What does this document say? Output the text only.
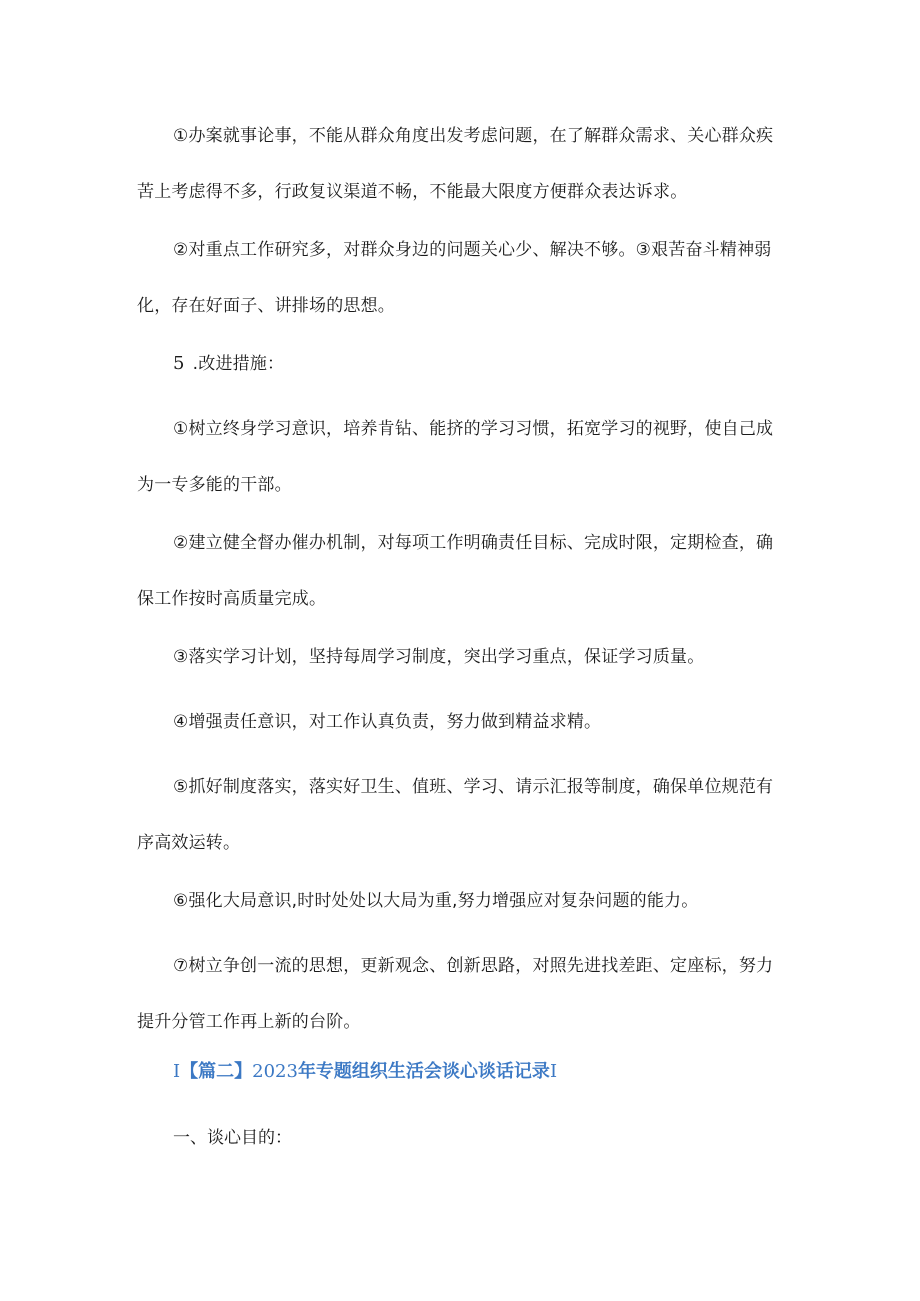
①办案就事论事，不能从群众角度出发考虑问题，在了解群众需求、关心群众疾苦上考虑得不多，行政复议渠道不畅，不能最大限度方便群众表达诉求。

②对重点工作研究多，对群众身边的问题关心少、解决不够。③艰苦奋斗精神弱化，存在好面子、讲排场的思想。

5 .改进措施：

①树立终身学习意识，培养肯钻、能挤的学习习惯，拓宽学习的视野，使自己成为一专多能的干部。

②建立健全督办催办机制，对每项工作明确责任目标、完成时限，定期检查，确保工作按时高质量完成。

③落实学习计划，坚持每周学习制度，突出学习重点，保证学习质量。

④增强责任意识，对工作认真负责，努力做到精益求精。

⑤抓好制度落实，落实好卫生、值班、学习、请示汇报等制度，确保单位规范有序高效运转。

⑥强化大局意识,时时处处以大局为重,努力增强应对复杂问题的能力。

⑦树立争创一流的思想，更新观念、创新思路，对照先进找差距、定座标，努力提升分管工作再上新的台阶。

I【篇二】2023年专题组织生活会谈心谈话记录I

一、谈心目的：
